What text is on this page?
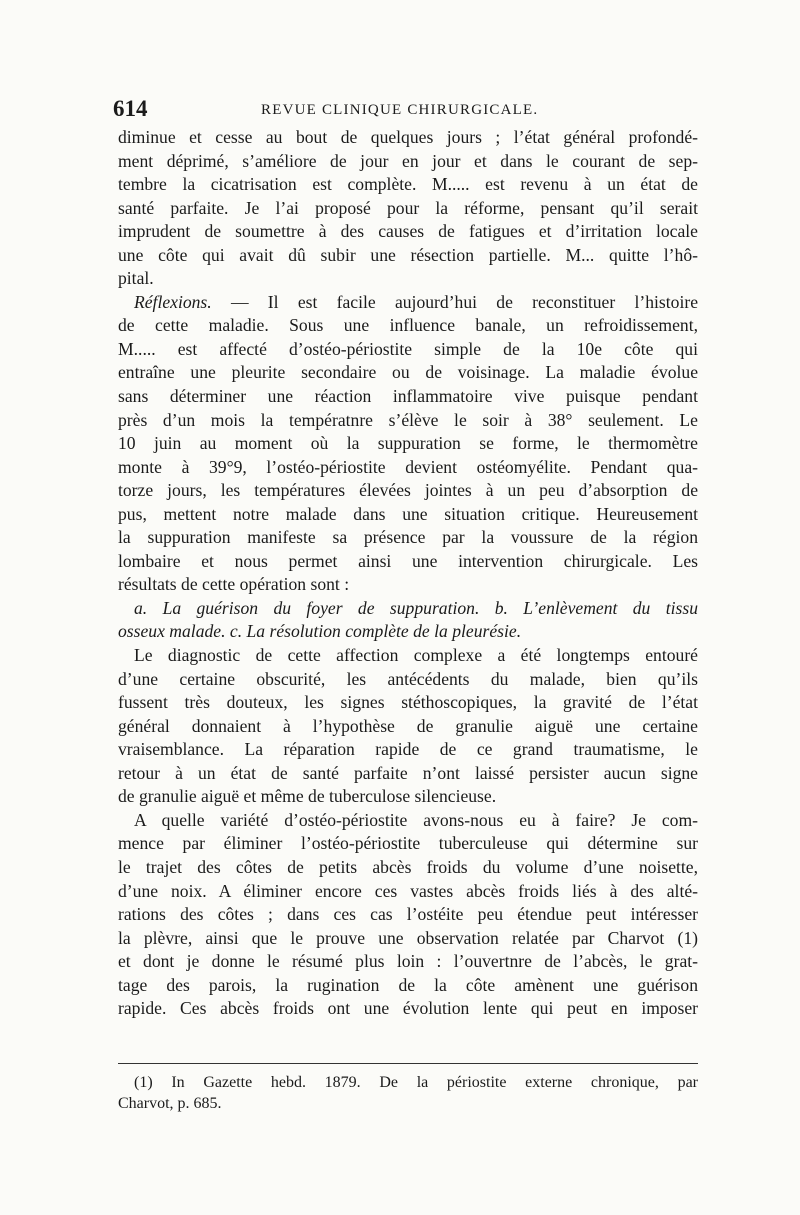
614	REVUE CLINIQUE CHIRURGICALE.
diminue et cesse au bout de quelques jours ; l’état général profondé-
ment déprimé, s’améliore de jour en jour et dans le courant de sep-
tembre la cicatrisation est complète. M..... est revenu à un état de
santé parfaite. Je l’ai proposé pour la réforme, pensant qu’il serait
imprudent de soumettre à des causes de fatigues et d’irritation locale
une côte qui avait dû subir une résection partielle. M... quitte l’hô-
pital.
Réflexions. — Il est facile aujourd’hui de reconstituer l’histoire
de cette maladie. Sous une influence banale, un refroidissement,
M..... est affecté d’ostéo-périostite simple de la 10e côte qui
entraîne une pleurite secondaire ou de voisinage. La maladie évolue
sans déterminer une réaction inflammatoire vive puisque pendant
près d’un mois la températnre s’élève le soir à 38° seulement. Le
10 juin au moment où la suppuration se forme, le thermomètre
monte à 39°9, l’ostéo-périostite devient ostéomyélite. Pendant qua-
torze jours, les températures élevées jointes à un peu d’absorption de
pus, mettent notre malade dans une situation critique. Heureusement
la suppuration manifeste sa présence par la voussure de la région
lombaire et nous permet ainsi une intervention chirurgicale. Les
résultats de cette opération sont :
a. La guérison du foyer de suppuration. b. L’enlèvement du tissu
osseux malade. c. La résolution complète de la pleurésie.
Le diagnostic de cette affection complexe a été longtemps entouré
d’une certaine obscurité, les antécédents du malade, bien qu’ils
fussent très douteux, les signes stéthoscopiques, la gravité de l’état
général donnaient à l’hypothèse de granulie aiguë une certaine
vraisemblance. La réparation rapide de ce grand traumatisme, le
retour à un état de santé parfaite n’ont laissé persister aucun signe
de granulie aiguë et même de tuberculose silencieuse.
A quelle variété d’ostéo-périostite avons-nous eu à faire? Je com-
mence par éliminer l’ostéo-périostite tuberculeuse qui détermine sur
le trajet des côtes de petits abcès froids du volume d’une noisette,
d’une noix. A éliminer encore ces vastes abcès froids liés à des alté-
rations des côtes ; dans ces cas l’ostéite peu étendue peut intéresser
la plèvre, ainsi que le prouve une observation relatée par Charvot (1)
et dont je donne le résumé plus loin : l’ouvertnre de l’abcès, le grat-
tage des parois, la rugination de la côte amènent une guérison
rapide. Ces abcès froids ont une évolution lente qui peut en imposer
(1) In Gazette hebd. 1879. De la périostite externe chronique, par
Charvot, p. 685.
